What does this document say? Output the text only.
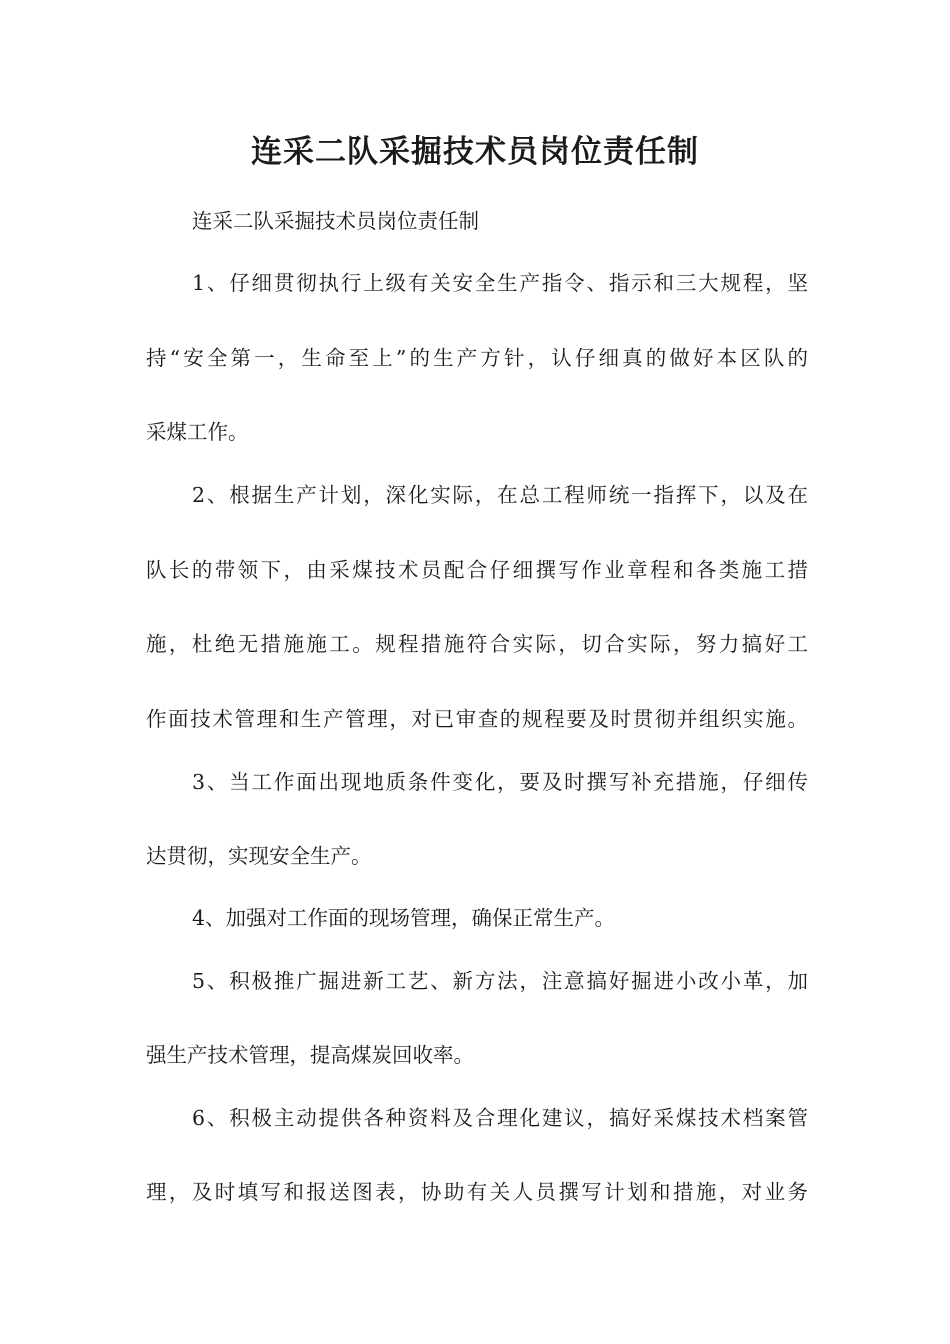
连采二队采掘技术员岗位责任制
连采二队采掘技术员岗位责任制
1、仔细贯彻执行上级有关安全生产指令、指示和三大规程，坚
持“安全第一，生命至上”的生产方针，认仔细真的做好本区队的
采煤工作。
2、根据生产计划，深化实际，在总工程师统一指挥下，以及在
队长的带领下，由采煤技术员配合仔细撰写作业章程和各类施工措
施，杜绝无措施施工。规程措施符合实际，切合实际，努力搞好工
作面技术管理和生产管理，对已审查的规程要及时贯彻并组织实施。
3、当工作面出现地质条件变化，要及时撰写补充措施，仔细传
达贯彻，实现安全生产。
4、加强对工作面的现场管理，确保正常生产。
5、积极推广掘进新工艺、新方法，注意搞好掘进小改小革，加
强生产技术管理，提高煤炭回收率。
6、积极主动提供各种资料及合理化建议，搞好采煤技术档案管
理，及时填写和报送图表，协助有关人员撰写计划和措施，对业务
